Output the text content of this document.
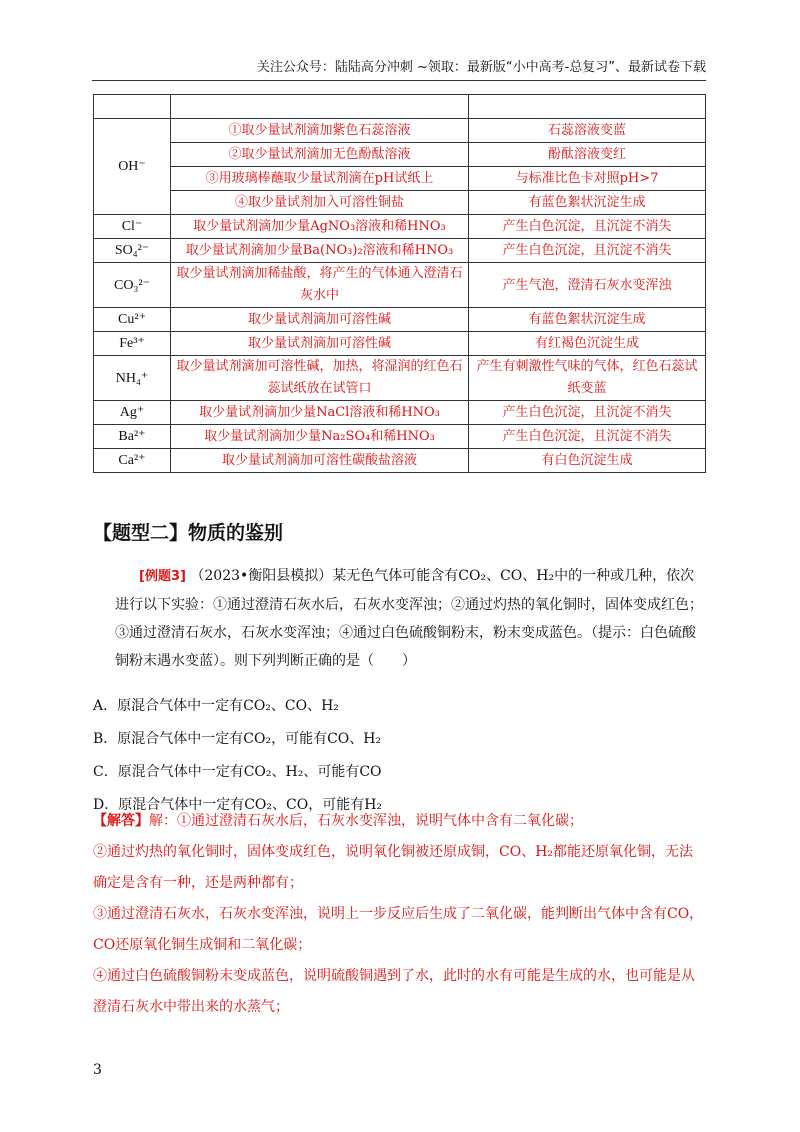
关注公众号：陆陆高分冲刺 ~领取：最新版“小中高考-总复习”、最新试卷下载

OH⁻	①取少量试剂滴加紫色石蕊溶液	石蕊溶液变蓝
	②取少量试剂滴加无色酚酞溶液	酚酞溶液变红
	③用玻璃棒蘸取少量试剂滴在pH试纸上	与标准比色卡对照pH>7
	④取少量试剂加入可溶性铜盐	有蓝色絮状沉淀生成
Cl⁻	取少量试剂滴加少量AgNO₃溶液和稀HNO₃	产生白色沉淀，且沉淀不消失
SO₄²⁻	取少量试剂滴加少量Ba(NO₃)₂溶液和稀HNO₃	产生白色沉淀，且沉淀不消失
CO₃²⁻	取少量试剂滴加稀盐酸，将产生的气体通入澄清石灰水中	产生气泡，澄清石灰水变浑浊
Cu²⁺	取少量试剂滴加可溶性碱	有蓝色絮状沉淀生成
Fe³⁺	取少量试剂滴加可溶性碱	有红褐色沉淀生成
NH₄⁺	取少量试剂滴加可溶性碱，加热，将湿润的红色石蕊试纸放在试管口	产生有刺激性气味的气体，红色石蕊试纸变蓝
Ag⁺	取少量试剂滴加少量NaCl溶液和稀HNO₃	产生白色沉淀，且沉淀不消失
Ba²⁺	取少量试剂滴加少量Na₂SO₄和稀HNO₃	产生白色沉淀，且沉淀不消失
Ca²⁺	取少量试剂滴加可溶性碳酸盐溶液	有白色沉淀生成
【题型二】物质的鉴别

[例题3] （2023•衡阳县模拟）某无色气体可能含有CO₂、CO、H₂中的一种或几种，依次进行以下实验：①通过澄清石灰水后，石灰水变浑浊；②通过灼热的氧化铜时，固体变成红色；③通过澄清石灰水，石灰水变浑浊；④通过白色硫酸铜粉末，粉末变成蓝色。（提示：白色硫酸铜粉末遇水变蓝）。则下列判断正确的是（　　）

A．原混合气体中一定有CO₂、CO、H₂
B．原混合气体中一定有CO₂，可能有CO、H₂
C．原混合气体中一定有CO₂、H₂、可能有CO
D．原混合气体中一定有CO₂、CO，可能有H₂

【解答】解：①通过澄清石灰水后，石灰水变浑浊，说明气体中含有二氧化碳；

②通过灼热的氧化铜时，固体变成红色，说明氧化铜被还原成铜，CO、H₂都能还原氧化铜，无法确定是含有一种，还是两种都有；

③通过澄清石灰水，石灰水变浑浊，说明上一步反应后生成了二氧化碳，能判断出气体中含有CO，CO还原氧化铜生成铜和二氧化碳；

④通过白色硫酸铜粉末变成蓝色，说明硫酸铜遇到了水，此时的水有可能是生成的水，也可能是从澄清石灰水中带出来的水蒸气；

3
